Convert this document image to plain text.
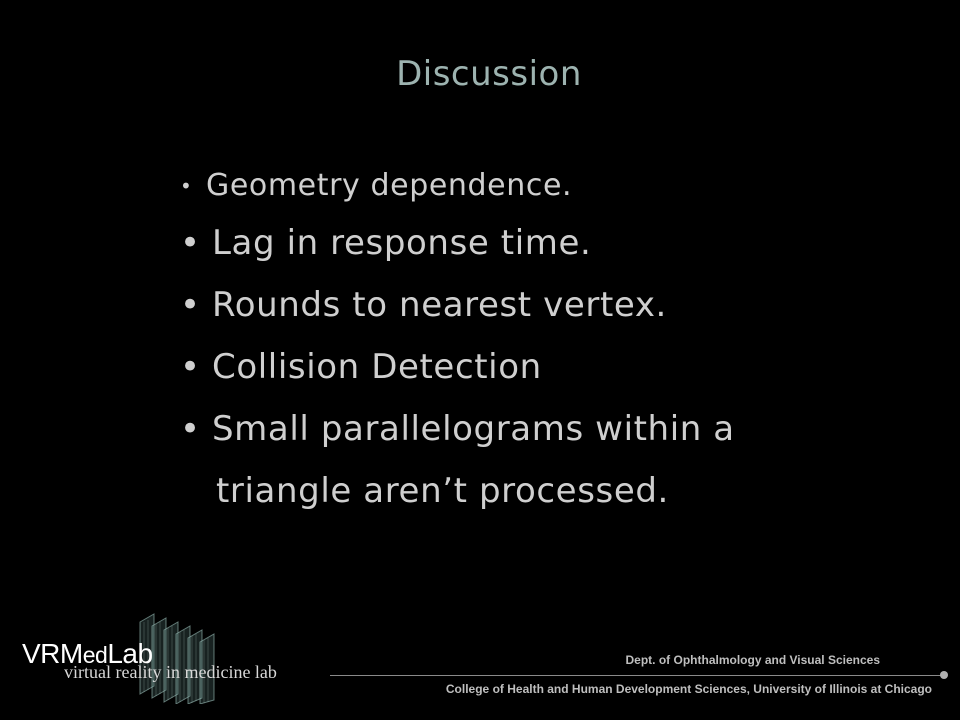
Discussion
• Geometry dependence.
• Lag in response time.
• Rounds to nearest vertex.
• Collision Detection
• Small parallelograms within a
triangle aren’t processed.
VRMedLab
virtual reality in medicine lab
Dept. of Ophthalmology and Visual Sciences
College of Health and Human Development Sciences, University of Illinois at Chicago
